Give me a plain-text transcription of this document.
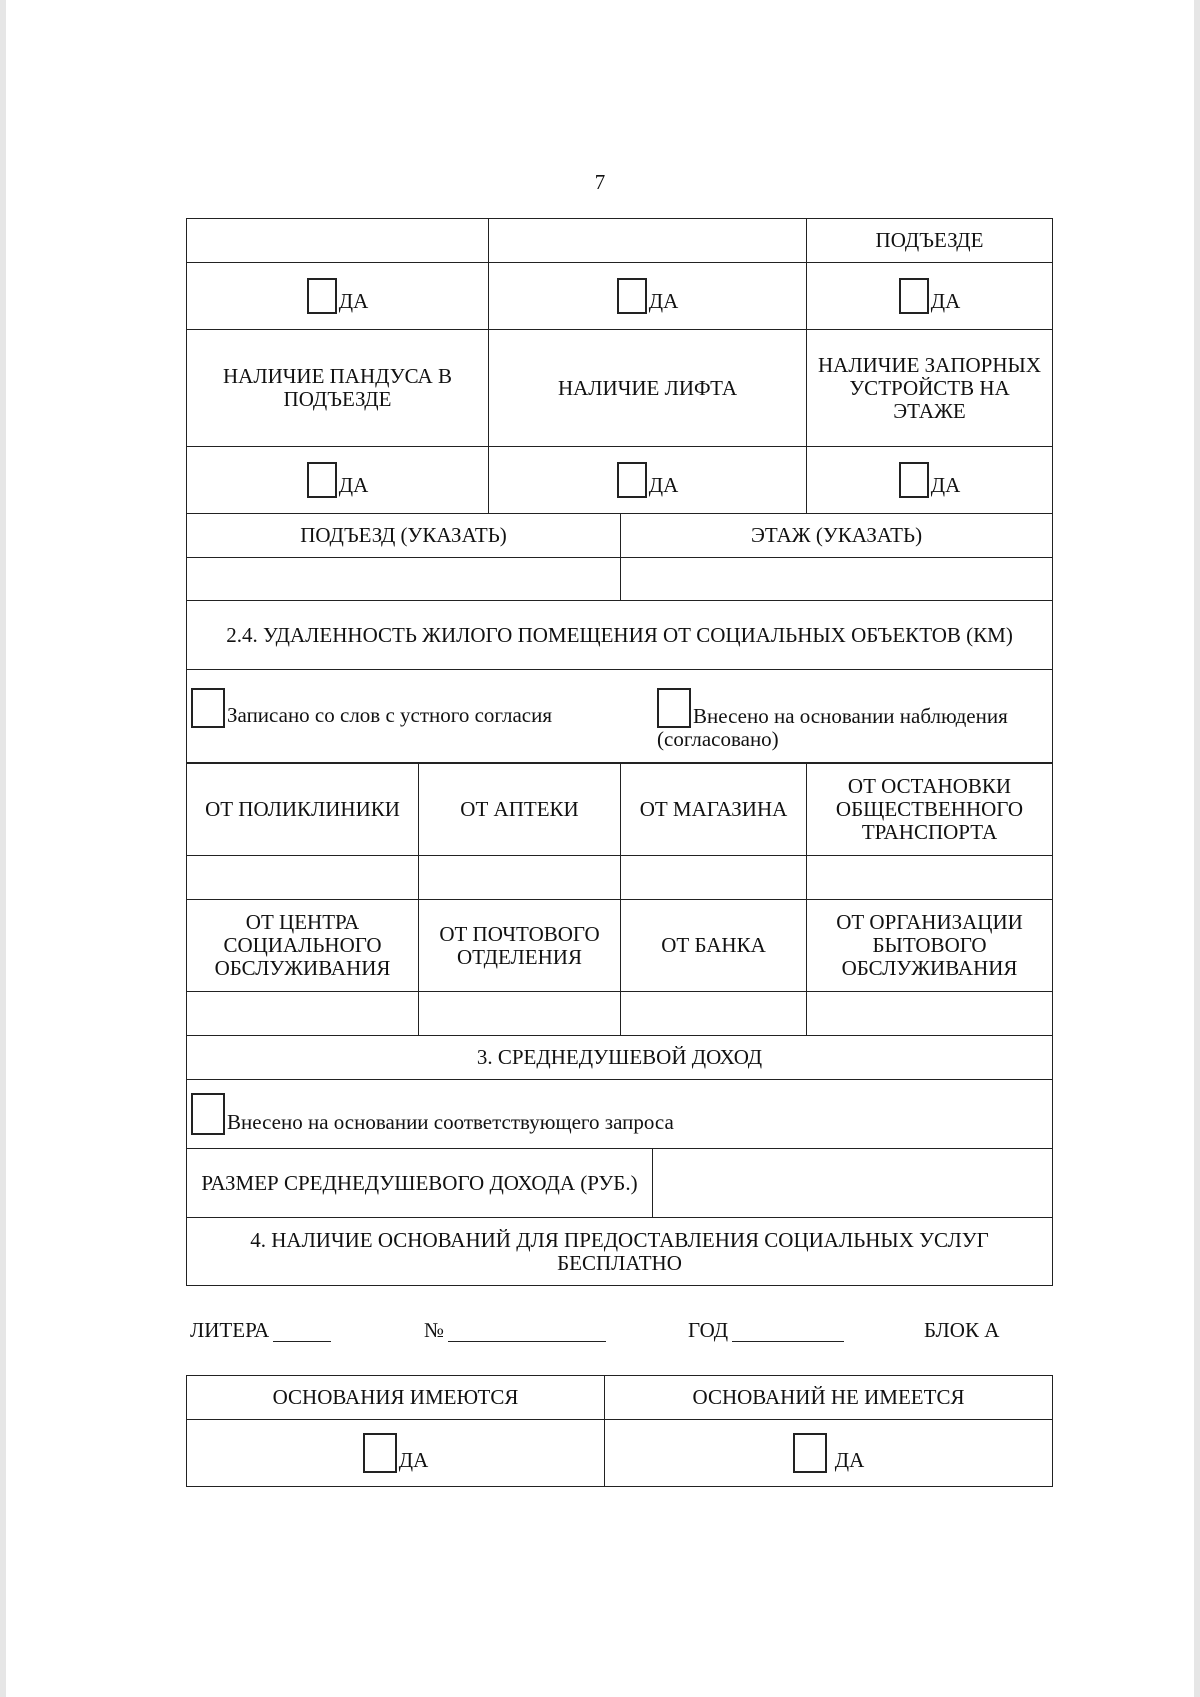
7
			ПОДЪЕЗДЕ
ДА	ДА		ДА
НАЛИЧИЕ ПАНДУСА В ПОДЪЕЗДЕ	НАЛИЧИЕ ЛИФТА		НАЛИЧИЕ ЗАПОРНЫХ УСТРОЙСТВ НА ЭТАЖЕ
ДА	ДА		ДА
ПОДЪЕЗД (УКАЗАТЬ)		ЭТАЖ (УКАЗАТЬ)	

2.4. УДАЛЕННОСТЬ ЖИЛОГО ПОМЕЩЕНИЯ ОТ СОЦИАЛЬНЫХ ОБЪЕКТОВ (КМ)			

Записано со слов с устного согласия Внесено на основании наблюдения (согласовано)			
ОТ ПОЛИКЛИНИКИ	ОТ АПТЕКИ	ОТ МАГАЗИНА	ОТ ОСТАНОВКИ ОБЩЕСТВЕННОГО ТРАНСПОРТА

ОТ ЦЕНТРА СОЦИАЛЬНОГО ОБСЛУЖИВАНИЯ	ОТ ПОЧТОВОГО ОТДЕЛЕНИЯ	ОТ БАНКА	ОТ ОРГАНИЗАЦИИ БЫТОВОГО ОБСЛУЖИВАНИЯ

3. СРЕДНЕДУШЕВОЙ ДОХОД
Внесено на основании соответствующего запроса
РАЗМЕР СРЕДНЕДУШЕВОГО ДОХОДА (РУБ.)	
4. НАЛИЧИЕ ОСНОВАНИЙ ДЛЯ ПРЕДОСТАВЛЕНИЯ СОЦИАЛЬНЫХ УСЛУГ БЕСПЛАТНО
ЛИТЕРА	№	ГОД	БЛОК А
ОСНОВАНИЯ ИМЕЮТСЯ	ОСНОВАНИЙ НЕ ИМЕЕТСЯ
ДА	ДА
